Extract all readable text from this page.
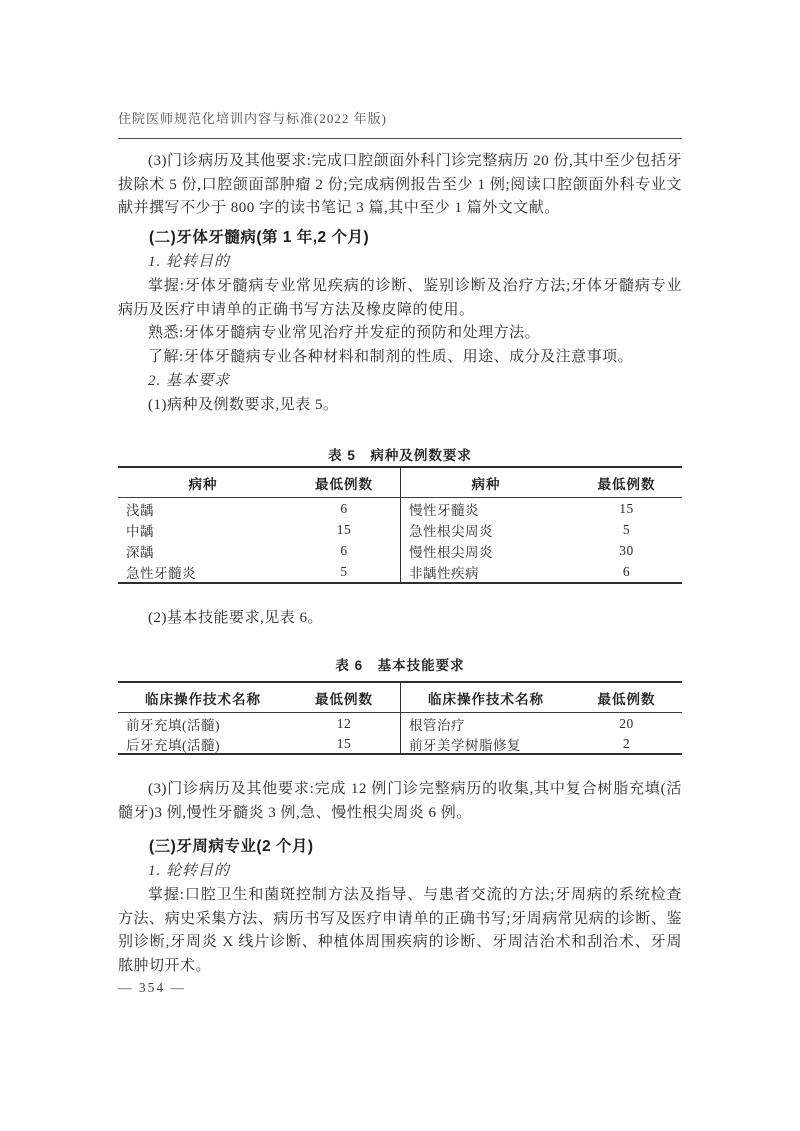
住院医师规范化培训内容与标准(2022 年版)
(3)门诊病历及其他要求:完成口腔颌面外科门诊完整病历 20 份,其中至少包括牙拔除术 5 份,口腔颌面部肿瘤 2 份;完成病例报告至少 1 例;阅读口腔颌面外科专业文献并撰写不少于 800 字的读书笔记 3 篇,其中至少 1 篇外文文献。
(二)牙体牙髓病(第 1 年,2 个月)
1. 轮转目的
掌握:牙体牙髓病专业常见疾病的诊断、鉴别诊断及治疗方法;牙体牙髓病专业病历及医疗申请单的正确书写方法及橡皮障的使用。
熟悉:牙体牙髓病专业常见治疗并发症的预防和处理方法。
了解:牙体牙髓病专业各种材料和制剂的性质、用途、成分及注意事项。
2. 基本要求
(1)病种及例数要求,见表 5。
表 5　病种及例数要求
病种	最低例数	病种	最低例数
浅龋	6	慢性牙髓炎	15
中龋	15	急性根尖周炎	5
深龋	6	慢性根尖周炎	30
急性牙髓炎	5	非龋性疾病	6
(2)基本技能要求,见表 6。
表 6　基本技能要求
临床操作技术名称	最低例数	临床操作技术名称	最低例数
前牙充填(活髓)	12	根管治疗	20
后牙充填(活髓)	15	前牙美学树脂修复	2
(3)门诊病历及其他要求:完成 12 例门诊完整病历的收集,其中复合树脂充填(活髓牙)3 例,慢性牙髓炎 3 例,急、慢性根尖周炎 6 例。
(三)牙周病专业(2 个月)
1. 轮转目的
掌握:口腔卫生和菌斑控制方法及指导、与患者交流的方法;牙周病的系统检查方法、病史采集方法、病历书写及医疗申请单的正确书写;牙周病常见病的诊断、鉴别诊断,牙周炎 X 线片诊断、种植体周围疾病的诊断、牙周洁治术和刮治术、牙周脓肿切开术。
— 354 —
